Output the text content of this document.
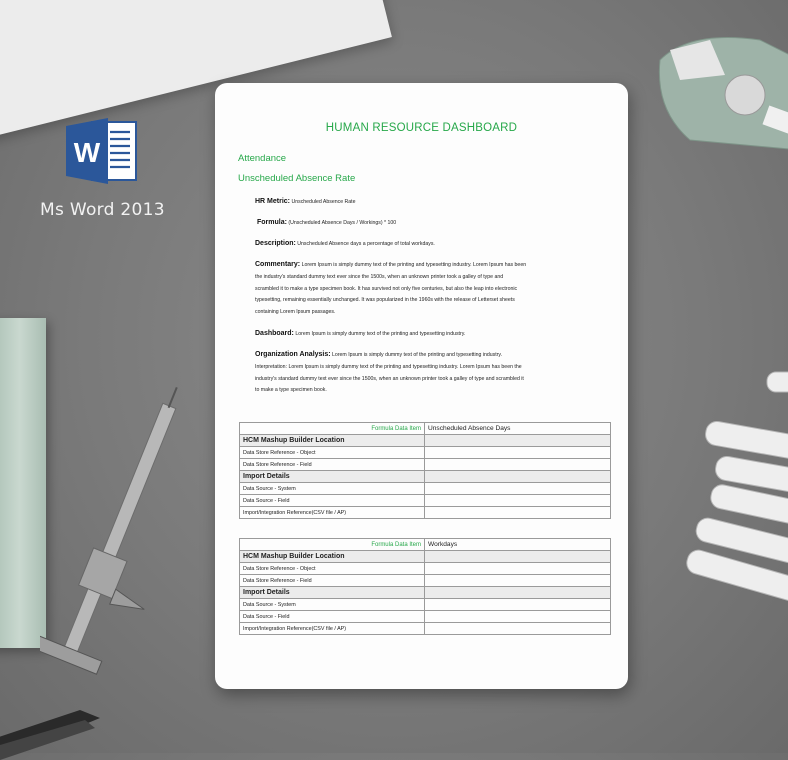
W
Ms Word 2013
HUMAN RESOURCE DASHBOARD
Attendance
Unscheduled Absence Rate
HR Metric: Unscheduled Absence Rate
Formula: (Unscheduled Absence Days / Workings) * 100
Description: Unscheduled Absence days a percentage of total workdays.
Commentary: Lorem Ipsum is simply dummy text of the printing and typesetting industry. Lorem Ipsum has been
the industry's standard dummy text ever since the 1500s, when an unknown printer took a galley of type and
scrambled it to make a type specimen book. It has survived not only five centuries, but also the leap into electronic
typesetting, remaining essentially unchanged. It was popularized in the 1960s with the release of Letterset sheets
containing Lorem Ipsum passages.
Dashboard: Lorem Ipsum is simply dummy text of the printing and typesetting industry.
Organization Analysis: Lorem Ipsum is simply dummy text of the printing and typesetting industry.
Interpretation: Lorem Ipsum is simply dummy text of the printing and typesetting industry. Lorem Ipsum has been the
industry's standard dummy text ever since the 1500s, when an unknown printer took a galley of type and scrambled it
to make a type specimen book.
Formula Data Item	Unscheduled Absence Days
HCM Mashup Builder Location	
Data Store Reference - Object	
Data Store Reference - Field	
Import Details	
Data Source - System	
Data Source - Field	
Import/Integration Reference(CSV file / AP)	
Formula Data Item	Workdays
HCM Mashup Builder Location	
Data Store Reference - Object	
Data Store Reference - Field	
Import Details	
Data Source - System	
Data Source - Field	
Import/Integration Reference(CSV file / AP)	
